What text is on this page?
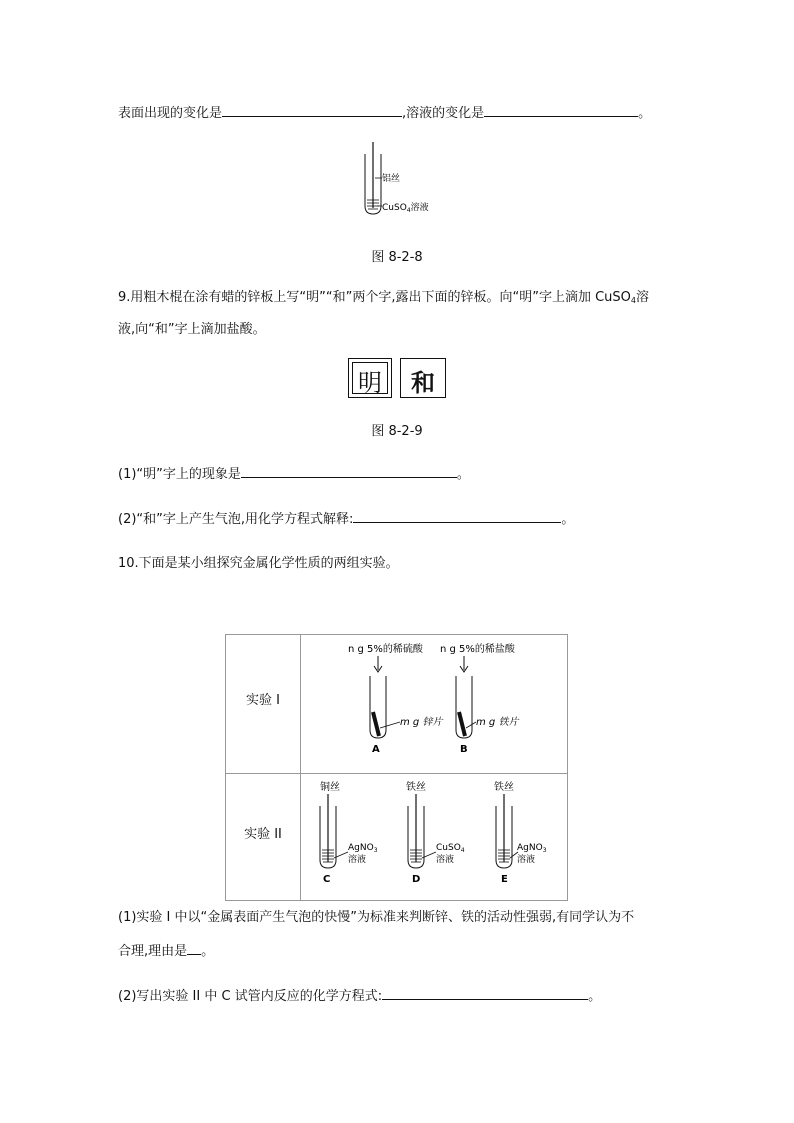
表面出现的变化是	,溶液的变化是	。
铝丝
CuSO$_4$溶液
图 8-2-8
9.用粗木棍在涂有蜡的锌板上写“明”“和”两个字,露出下面的锌板。向“明”字上滴加 CuSO$_4$溶
液,向“和”字上滴加盐酸。
明	和
图 8-2-9
(1)“明”字上的现象是	。
(2)“和”字上产生气泡,用化学方程式解释:	。
10.下面是某小组探究金属化学性质的两组实验。
实验 I
实验 II
n g 5%的稀硫酸
m g 锌片
A
n g 5%的稀盐酸
m g 铁片
B
铜丝
AgNO$_3$
溶液
C
铁丝
CuSO$_4$
溶液
D
铁丝
AgNO$_3$
溶液
E
(1)实验 I 中以“金属表面产生气泡的快慢”为标准来判断锌、铁的活动性强弱,有同学认为不
合理,理由是 。
(2)写出实验 II 中 C 试管内反应的化学方程式:	。
